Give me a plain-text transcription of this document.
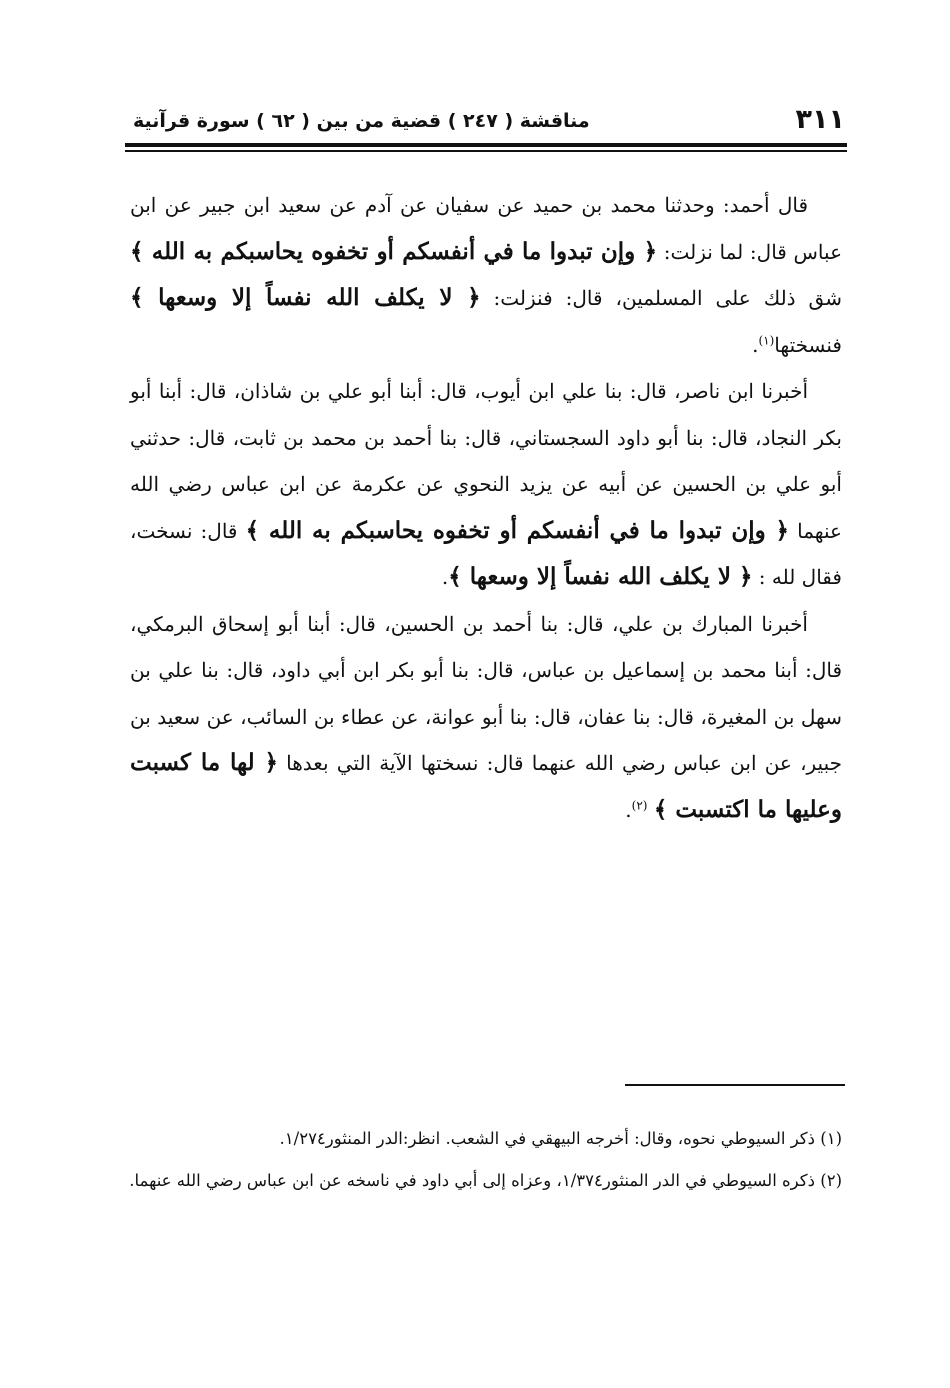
٣١١
مناقشة ( ٢٤٧ ) قضية من بين ( ٦٢ ) سورة قرآنية

قال أحمد: وحدثنا محمد بن حميد عن سفيان عن آدم عن سعيد ابن جبير عن ابن عباس قال: لما نزلت: ﴿ وإن تبدوا ما في أنفسكم أو تخفوه يحاسبكم به الله ﴾ شق ذلك على المسلمين، قال: فنزلت: ﴿ لا يكلف الله نفساً إلا وسعها ﴾ فنسختها$^{(١)}$.

أخبرنا ابن ناصر، قال: بنا علي ابن أيوب، قال: أبنا أبو علي بن شاذان، قال: أبنا أبو بكر النجاد، قال: بنا أبو داود السجستاني، قال: بنا أحمد بن محمد بن ثابت، قال: حدثني أبو علي بن الحسين عن أبيه عن يزيد النحوي عن عكرمة عن ابن عباس رضي الله عنهما ﴿ وإن تبدوا ما في أنفسكم أو تخفوه يحاسبكم به الله ﴾ قال: نسخت، فقال لله : ﴿ لا يكلف الله نفساً إلا وسعها ﴾.

أخبرنا المبارك بن علي، قال: بنا أحمد بن الحسين، قال: أبنا أبو إسحاق البرمكي، قال: أبنا محمد بن إسماعيل بن عباس، قال: بنا أبو بكر ابن أبي داود، قال: بنا علي بن سهل بن المغيرة، قال: بنا عفان، قال: بنا أبو عوانة، عن عطاء بن السائب، عن سعيد بن جبير، عن ابن عباس رضي الله عنهما قال: نسختها الآية التي بعدها ﴿ لها ما كسبت وعليها ما اكتسبت ﴾ $^{(٢)}$.

(١) ذكر السيوطي نحوه، وقال: أخرجه البيهقي في الشعب. انظر:الدر المنثور١/٢٧٤.

(٢) ذكره السيوطي في الدر المنثور١/٣٧٤، وعزاه إلى أبي داود في ناسخه عن ابن عباس رضي الله عنهما.
